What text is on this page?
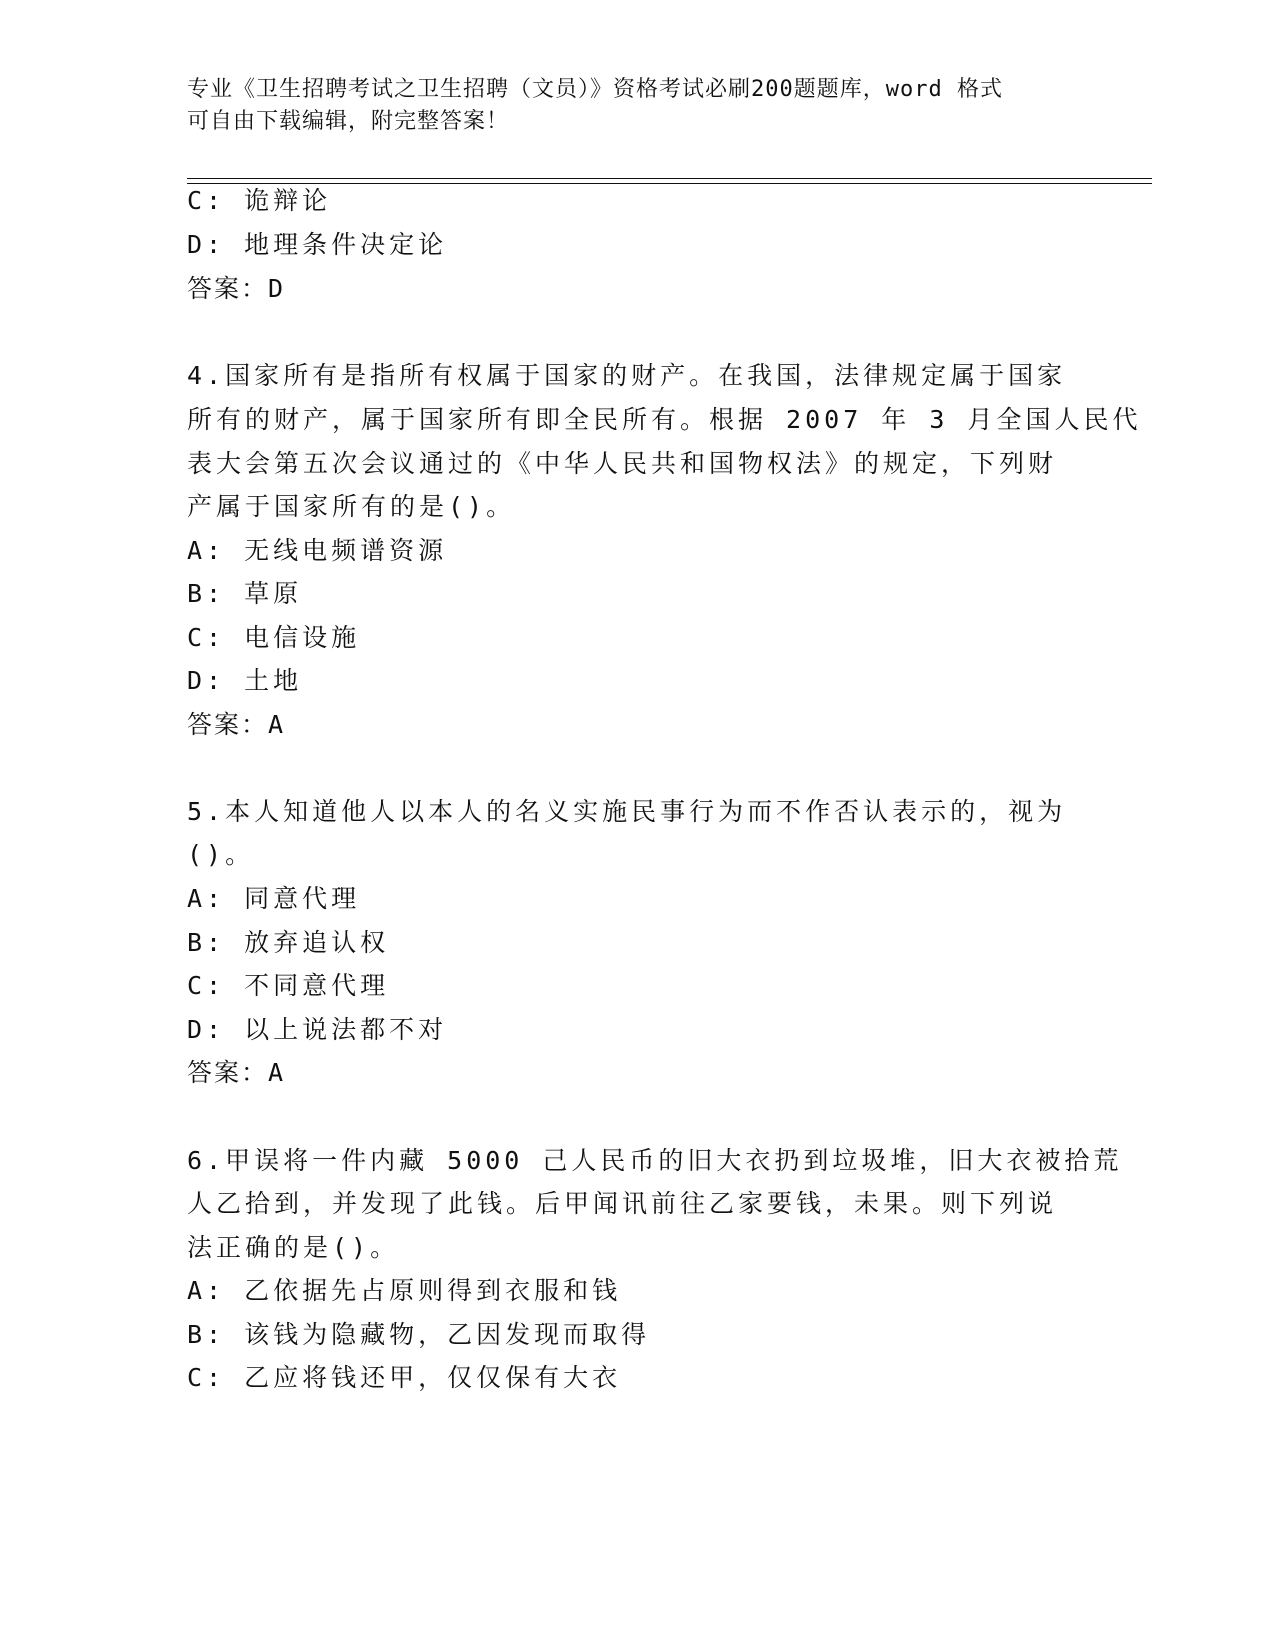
专业《卫生招聘考试之卫生招聘（文员）》资格考试必刷200题题库，word 格式
可自由下载编辑，附完整答案！
C: 诡辩论
D: 地理条件决定论
答案：D
4.国家所有是指所有权属于国家的财产。在我国，法律规定属于国家
所有的财产，属于国家所有即全民所有。根据 2007 年 3 月全国人民代
表大会第五次会议通过的《中华人民共和国物权法》的规定，下列财
产属于国家所有的是()。
A: 无线电频谱资源
B: 草原
C: 电信设施
D: 土地
答案：A
5.本人知道他人以本人的名义实施民事行为而不作否认表示的，视为
()。
A: 同意代理
B: 放弃追认权
C: 不同意代理
D: 以上说法都不对
答案：A
6.甲误将一件内藏 5000 己人民币的旧大衣扔到垃圾堆，旧大衣被拾荒
人乙拾到，并发现了此钱。后甲闻讯前往乙家要钱，未果。则下列说
法正确的是()。
A: 乙依据先占原则得到衣服和钱
B: 该钱为隐藏物，乙因发现而取得
C: 乙应将钱还甲，仅仅保有大衣
